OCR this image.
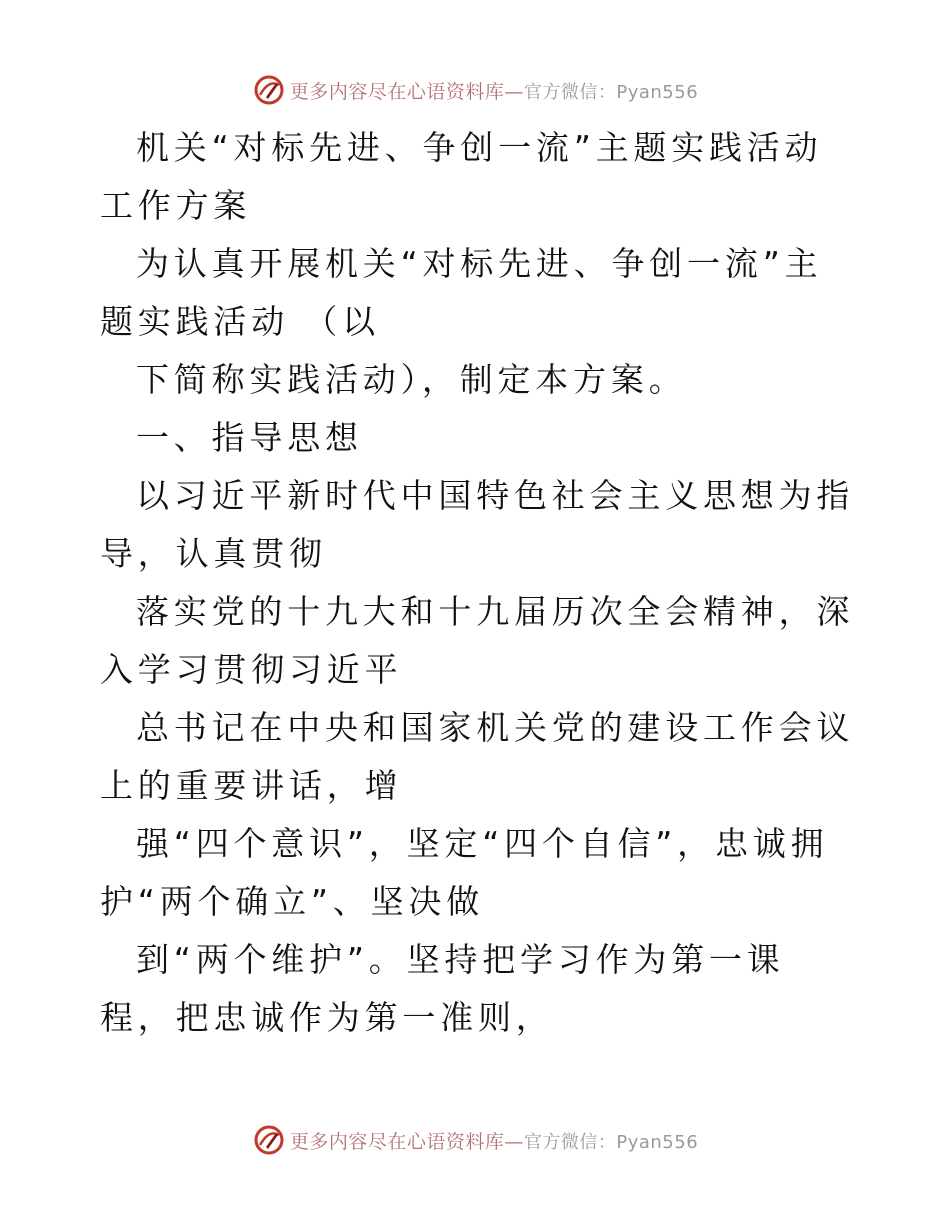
更多内容尽在心语资料库—官方微信：Pyan556

机关“对标先进、争创一流”主题实践活动工作方案

为认真开展机关“对标先进、争创一流”主题实践活动 （以

下简称实践活动），制定本方案。

一、指导思想

以习近平新时代中国特色社会主义思想为指导，认真贯彻

落实党的十九大和十九届历次全会精神，深入学习贯彻习近平

总书记在中央和国家机关党的建设工作会议上的重要讲话，增

强“四个意识”，坚定“四个自信”，忠诚拥护“两个确立”、坚决做

到“两个维护”。坚持把学习作为第一课程，把忠诚作为第一准则，

更多内容尽在心语资料库—官方微信：Pyan556
